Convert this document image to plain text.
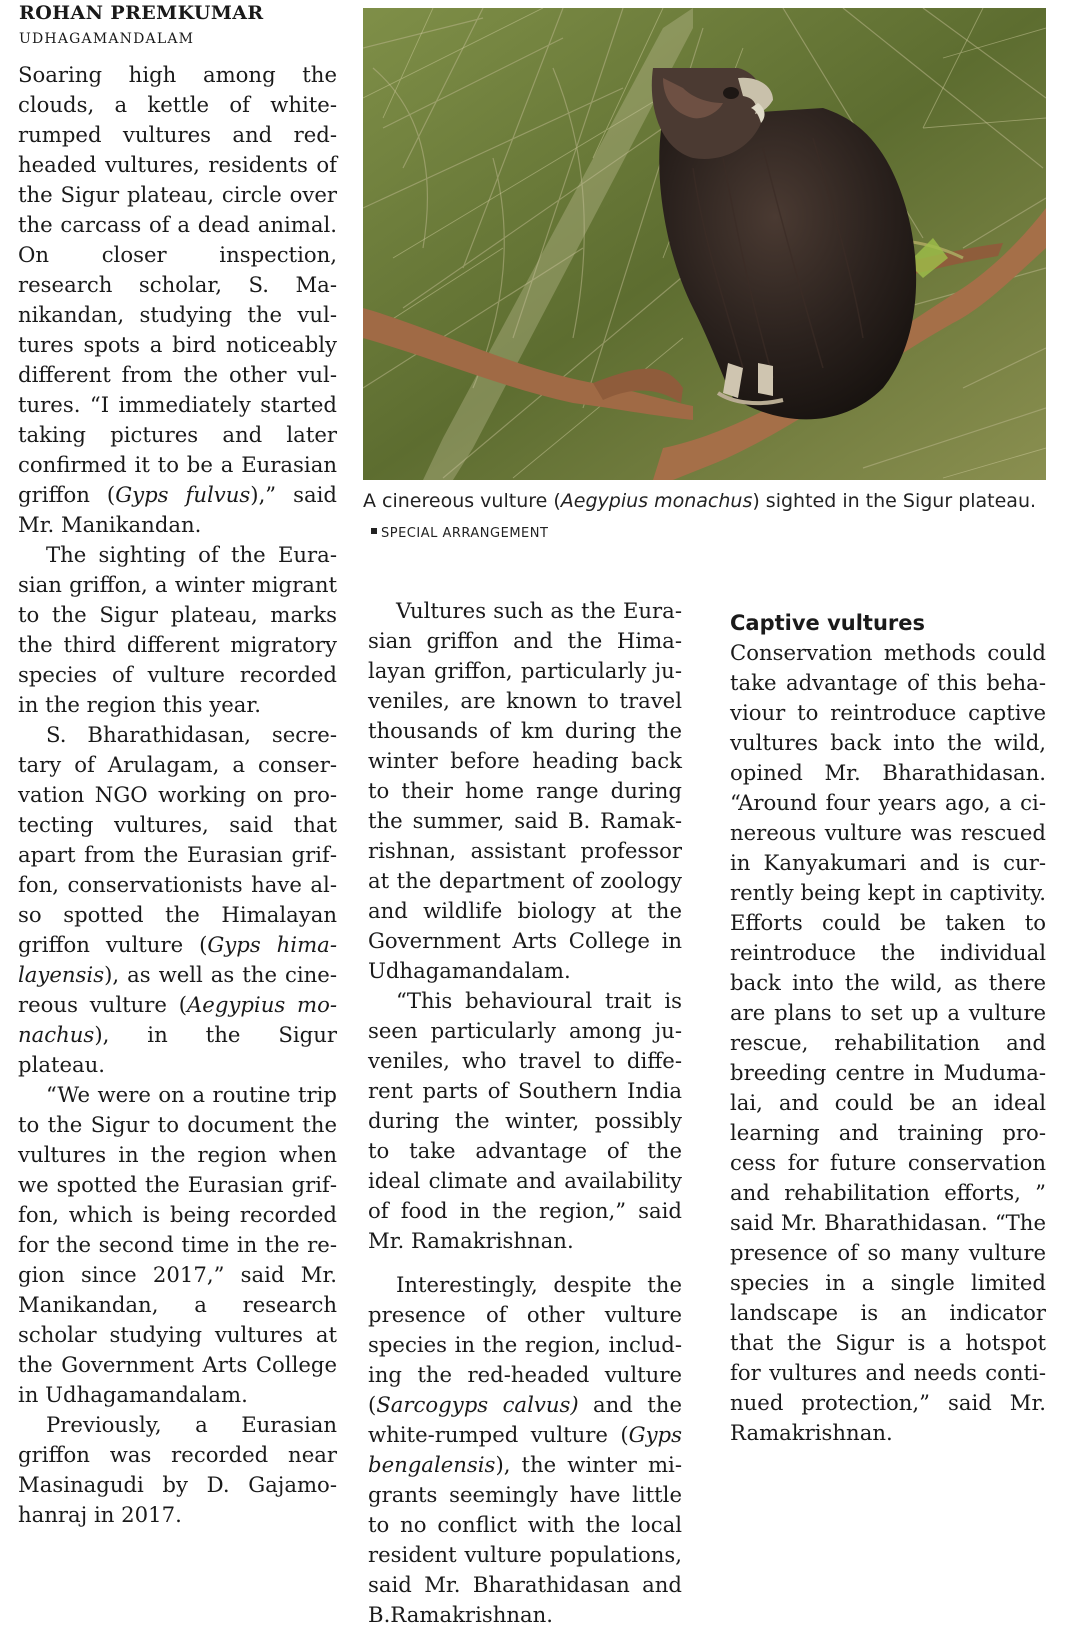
ROHAN PREMKUMAR
UDHAGAMANDALAM

Soaring high among the clouds, a kettle of whiterumped vultures and redheaded vultures, residents of the Sigur plateau, circle over the carcass of a dead animal. On closer inspection, research scholar, S. Manikandan, studying the vultures spots a bird noticeably different from the other vultures. “I immediately started taking pictures and later confirmed it to be a Eurasian griffon (Gyps fulvus),” said Mr. Manikandan.

The sighting of the Eurasian griffon, a winter migrant to the Sigur plateau, marks the third different migratory species of vulture recorded in the region this year.

S. Bharathidasan, secretary of Arulagam, a conservation NGO working on protecting vultures, said that apart from the Eurasian griffon, conservationists have also spotted the Himalayan griffon vulture (Gyps himalayensis), as well as the cinereous vulture (Aegypius monachus), in the Sigur plateau.

“We were on a routine trip to the Sigur to document the vultures in the region when we spotted the Eurasian griffon, which is being recorded for the second time in the region since 2017,” said Mr. Manikandan, a research scholar studying vultures at the Government Arts College in Udhagamandalam.

Previously, a Eurasian griffon was recorded near Masinagudi by D. Gajamohanraj in 2017.

A cinereous vulture (Aegypius monachus) sighted in the Sigur plateau.SPECIAL ARRANGEMENT

Vultures such as the Eurasian griffon and the Himalayan griffon, particularly juveniles, are known to travel thousands of km during the winter before heading back to their home range during the summer, said B. Ramakrishnan, assistant professor at the department of zoology and wildlife biology at the Government Arts College in Udhagamandalam.

“This behavioural trait is seen particularly among juveniles, who travel to different parts of Southern India during the winter, possibly to take advantage of the ideal climate and availability of food in the region,” said Mr. Ramakrishnan.

Interestingly, despite the presence of other vulture species in the region, including the red-headed vulture (Sarcogyps calvus) and the white-rumped vulture (Gyps bengalensis), the winter migrants seemingly have little to no conflict with the local resident vulture populations, said Mr. Bharathidasan and B.Ramakrishnan.

Captive vultures

Conservation methods could take advantage of this behaviour to reintroduce captive vultures back into the wild, opined Mr. Bharathidasan. “Around four years ago, a cinereous vulture was rescued in Kanyakumari and is currently being kept in captivity. Efforts could be taken to reintroduce the individual back into the wild, as there are plans to set up a vulture rescue, rehabilitation and breeding centre in Mudumalai, and could be an ideal learning and training process for future conservation and rehabilitation efforts, ” said Mr. Bharathidasan. “The presence of so many vulture species in a single limited landscape is an indicator that the Sigur is a hotspot for vultures and needs continued protection,” said Mr. Ramakrishnan.
